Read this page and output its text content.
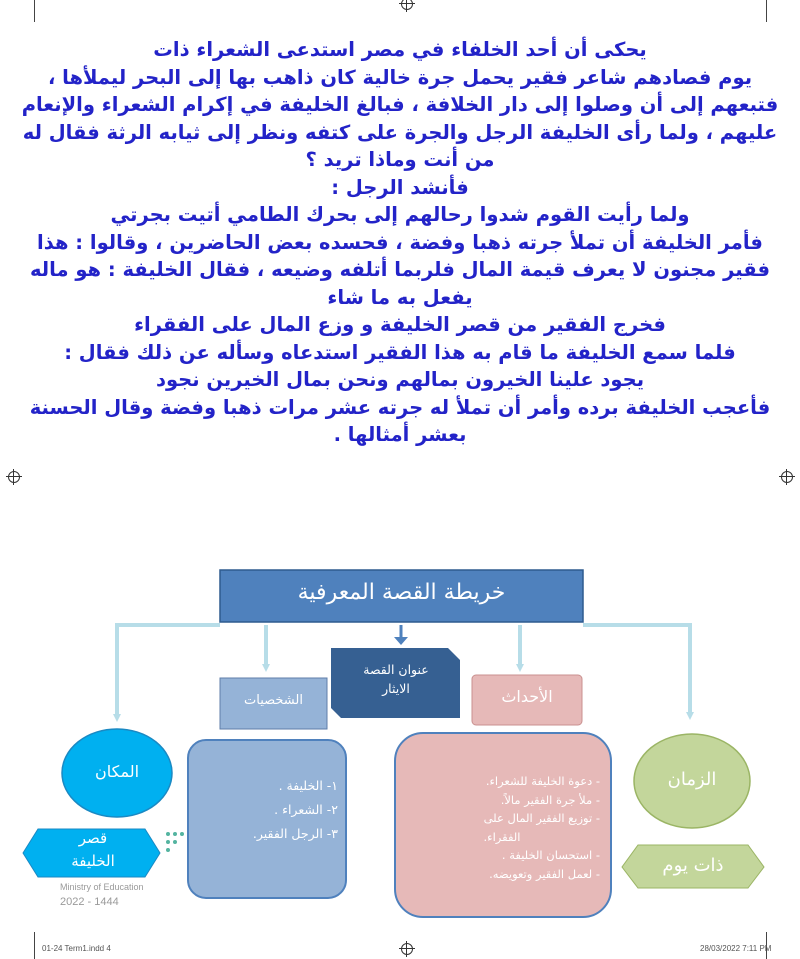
يحكى أن أحد الخلفاء في مصر استدعى الشعراء ذات
يوم فصادهم شاعر فقير يحمل جرة خالية كان ذاهب بها إلى البحر ليملأها ،
فتبعهم إلى أن وصلوا إلى دار الخلافة ، فبالغ الخليفة في إكرام الشعراء والإنعام
عليهم ، ولما رأى الخليفة الرجل والجرة على كتفه ونظر إلى ثيابه الرثة فقال له
من أنت وماذا تريد ؟
فأنشد الرجل :
ولما رأيت القوم شدوا رحالهم إلى بحرك الطامي أتيت بجرتي
فأمر الخليفة أن تملأ جرته ذهبا وفضة ، فحسده بعض الحاضرين ، وقالوا : هذا
فقير مجنون لا يعرف قيمة المال فلربما أتلفه وضيعه ، فقال الخليفة : هو ماله
يفعل به ما شاء
فخرج الفقير من قصر الخليفة و وزع المال على الفقراء
فلما سمع الخليفة ما قام به هذا الفقير استدعاه وسأله عن ذلك فقال :
يجود علينا الخيرون بمالهم ونحن بمال الخيرين نجود
فأعجب الخليفة برده وأمر أن تملأ له جرته عشر مرات ذهبا وفضة وقال الحسنة
بعشر أمثالها .
خريطة القصة المعرفية
عنوان القصة
الايثار
الشخصيات	الأحداث
المكان	الزمان
قصر
الخليفة	ذات يوم
١- الخليفة .
٢- الشعراء .
٣- الرجل الفقير.
- دعوة الخليفة للشعراء.
- ملأ جرة الفقير مالاً.
- توزيع الفقير المال على
الفقراء.
- استحسان الخليفة .
- لعمل الفقير وتعويضه.
Ministry of Education
2022 - 1444
01-24 Term1.indd 4	28/03/2022 7:11 PM
